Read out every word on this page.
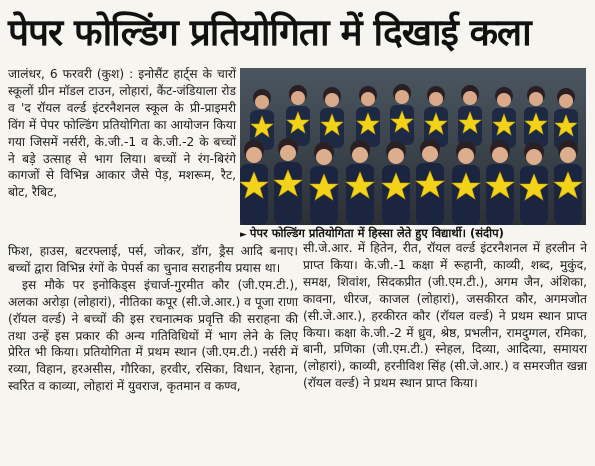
पेपर फोल्डिंग प्रतियोगिता में दिखाई कला

जालंधर, 6 फरवरी (कुश) : इनोसैंट हार्ट्स के चारों स्कूलों ग्रीन मॉडल टाउन, लोहारां, कैंट-जंडियाला रोड व 'द रॉयल वर्ल्ड इंटरनैशनल स्कूल के प्री-प्राइमरी विंग में पेपर फोल्डिंग प्रतियोगिता का आयोजन किया गया जिसमें नर्सरी, के.जी.-1 व के.जी.-2 के बच्चों ने बड़े उत्साह से भाग लिया। बच्चों ने रंग-बिरंगे कागजों से विभिन्न आकार जैसे पेड़, मशरूम, रैट, बोट, रैबिट,

► पेपर फोल्डिंग प्रतियोगिता में हिस्सा लेते हुए विद्यार्थी। (संदीप)

फिश, हाउस, बटरफ्लाई, पर्स, जोकर, डॉग, ड्रैस आदि बनाए। बच्चों द्वारा विभिन्न रंगों के पेपर्स का चुनाव सराहनीय प्रयास था।

इस मौके पर इनोकिड्स इंचार्ज-गुरमीत कौर (जी.एम.टी.), अलका अरोड़ा (लोहारां), नीतिका कपूर (सी.जे.आर.) व पूजा राणा (रॉयल वर्ल्ड) ने बच्चों की इस रचनात्मक प्रवृत्ति की सराहना की तथा उन्हें इस प्रकार की अन्य गतिविधियों में भाग लेने के लिए प्रेरित भी किया। प्रतियोगिता में प्रथम स्थान (जी.एम.टी.) नर्सरी में रव्या, विहान, हरअसीस, गौरिका, हरवीर, रसिका, विधान, रेहाना, स्वरित व काव्या, लोहारां में युवराज, कृतमान व कण्व,

सी.जे.आर. में हितेन, रीत, रॉयल वर्ल्ड इंटरनैशनल में हरलीन ने प्राप्त किया। के.जी.-1 कक्षा में रूहानी, काव्यी, शब्द, मुकुंद, समक्ष, शिवांश, सिदकप्रीत (जी.एम.टी.), अगम जैन, अंशिका, कावना, धीरज, काजल (लोहारां), जसकीरत कौर, अगमजोत (सी.जे.आर.), हरकीरत कौर (रॉयल वर्ल्ड) ने प्रथम स्थान प्राप्त किया। कक्षा के.जी.-2 में ध्रुव, श्रेष्ठ, प्रभलीन, रामदुग्गल, रमिका, बानी, प्रणिका (जी.एम.टी.) स्नेहल, दिव्या, आदित्या, समायरा (लोहारां), काव्यी, हरनीविश सिंह (सी.जे.आर.) व समरजीत खन्ना (रॉयल वर्ल्ड) ने प्रथम स्थान प्राप्त किया।
